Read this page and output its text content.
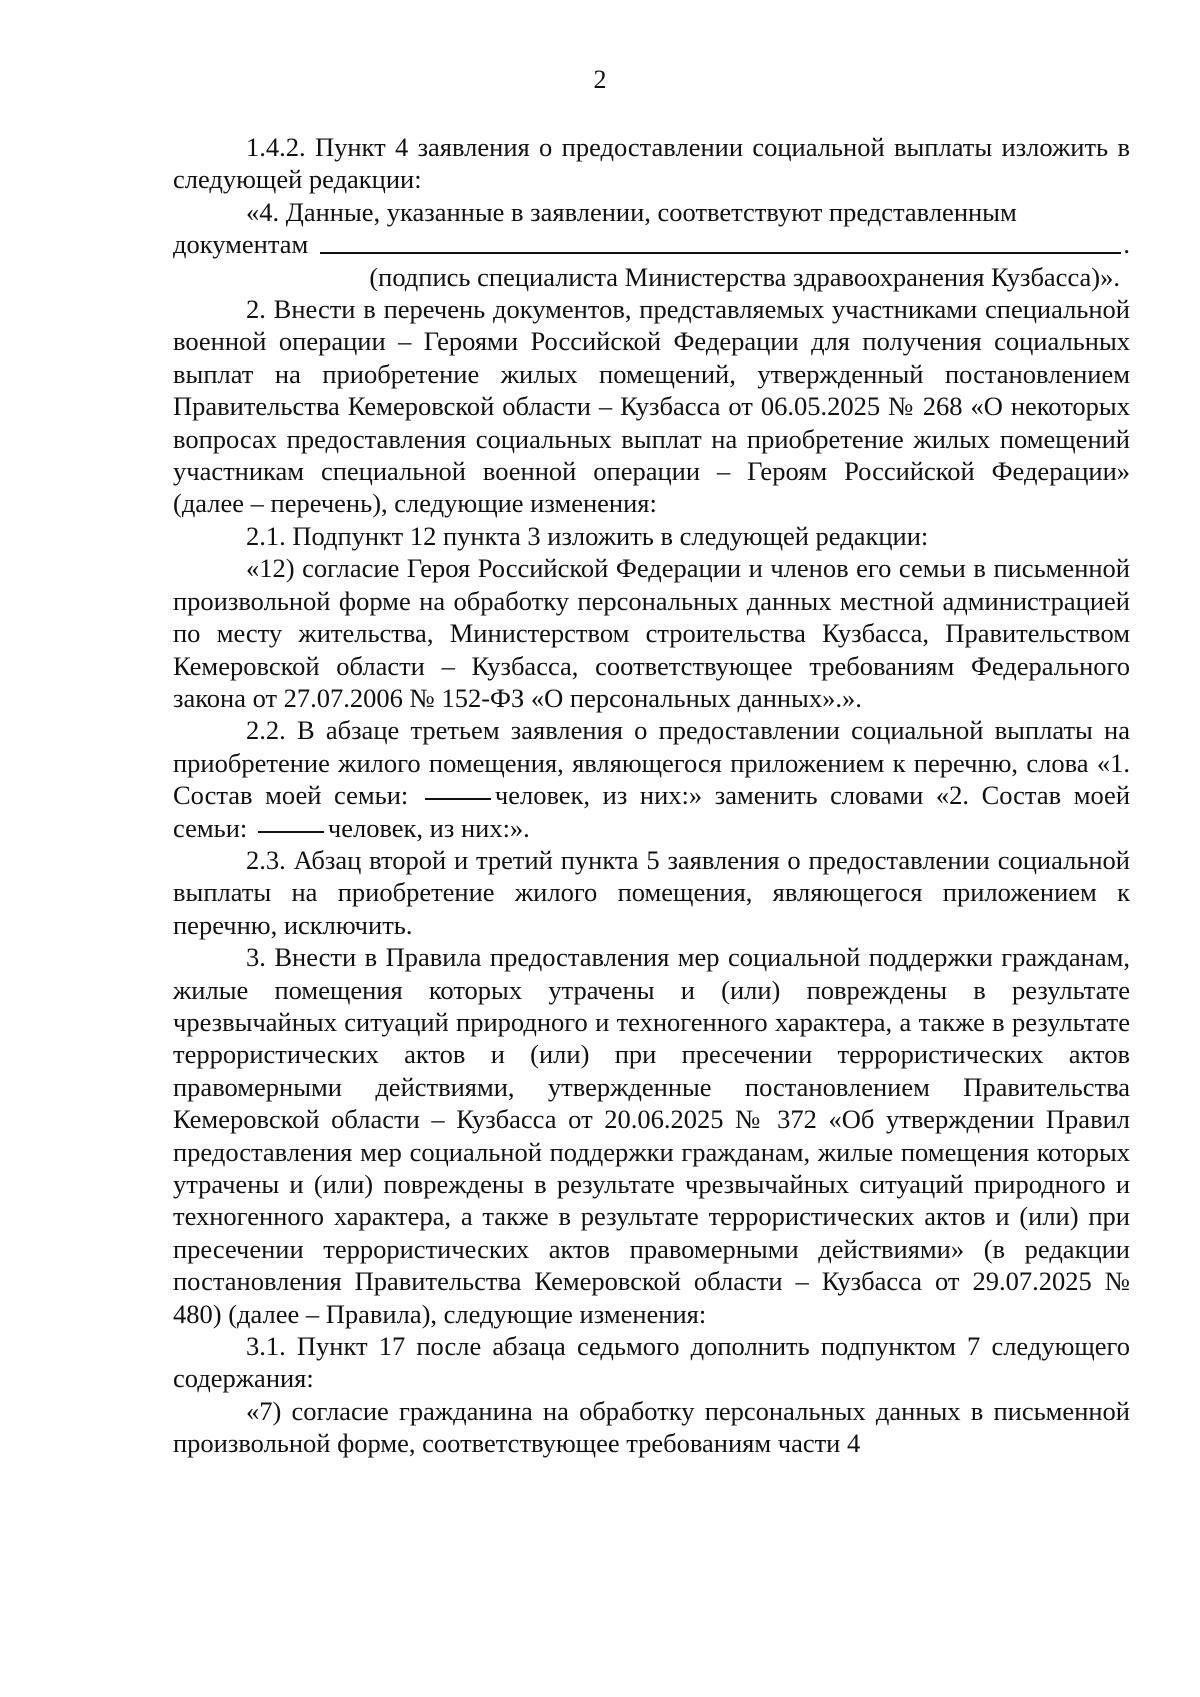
2

1.4.2. Пункт 4 заявления о предоставлении социальной выплаты изложить в следующей редакции:

«4. Данные, указанные в заявлении, соответствуют представленным

документам	.

(подпись специалиста Министерства здравоохранения Кузбасса)».

2. Внести в перечень документов, представляемых участниками специальной военной операции – Героями Российской Федерации для получения социальных выплат на приобретение жилых помещений, утвержденный постановлением Правительства Кемеровской области – Кузбасса от 06.05.2025 № 268 «О некоторых вопросах предоставления социальных выплат на приобретение жилых помещений участникам специальной военной операции – Героям Российской Федерации» (далее – перечень), следующие изменения:

2.1. Подпункт 12 пункта 3 изложить в следующей редакции:

«12) согласие Героя Российской Федерации и членов его семьи в письменной произвольной форме на обработку персональных данных местной администрацией по месту жительства, Министерством строительства Кузбасса, Правительством Кемеровской области – Кузбасса, соответствующее требованиям Федерального закона от 27.07.2006 № 152-ФЗ «О персональных данных».».

2.2. В абзаце третьем заявления о предоставлении социальной выплаты на приобретение жилого помещения, являющегося приложением к перечню, слова «1. Состав моей семьи:	человек, из них:» заменить словами «2. Состав моей семьи:	человек, из них:».

2.3. Абзац второй и третий пункта 5 заявления о предоставлении социальной выплаты на приобретение жилого помещения, являющегося приложением к перечню, исключить.

3. Внести в Правила предоставления мер социальной поддержки гражданам, жилые помещения которых утрачены и (или) повреждены в результате чрезвычайных ситуаций природного и техногенного характера, а также в результате террористических актов и (или) при пресечении террористических актов правомерными действиями, утвержденные постановлением Правительства Кемеровской области – Кузбасса от 20.06.2025 № 372 «Об утверждении Правил предоставления мер социальной поддержки гражданам, жилые помещения которых утрачены и (или) повреждены в результате чрезвычайных ситуаций природного и техногенного характера, а также в результате террористических актов и (или) при пресечении террористических актов правомерными действиями» (в редакции постановления Правительства Кемеровской области – Кузбасса от 29.07.2025 № 480) (далее – Правила), следующие изменения:

3.1. Пункт 17 после абзаца седьмого дополнить подпунктом 7 следующего содержания:

«7) согласие гражданина на обработку персональных данных в письменной произвольной форме, соответствующее требованиям части 4
